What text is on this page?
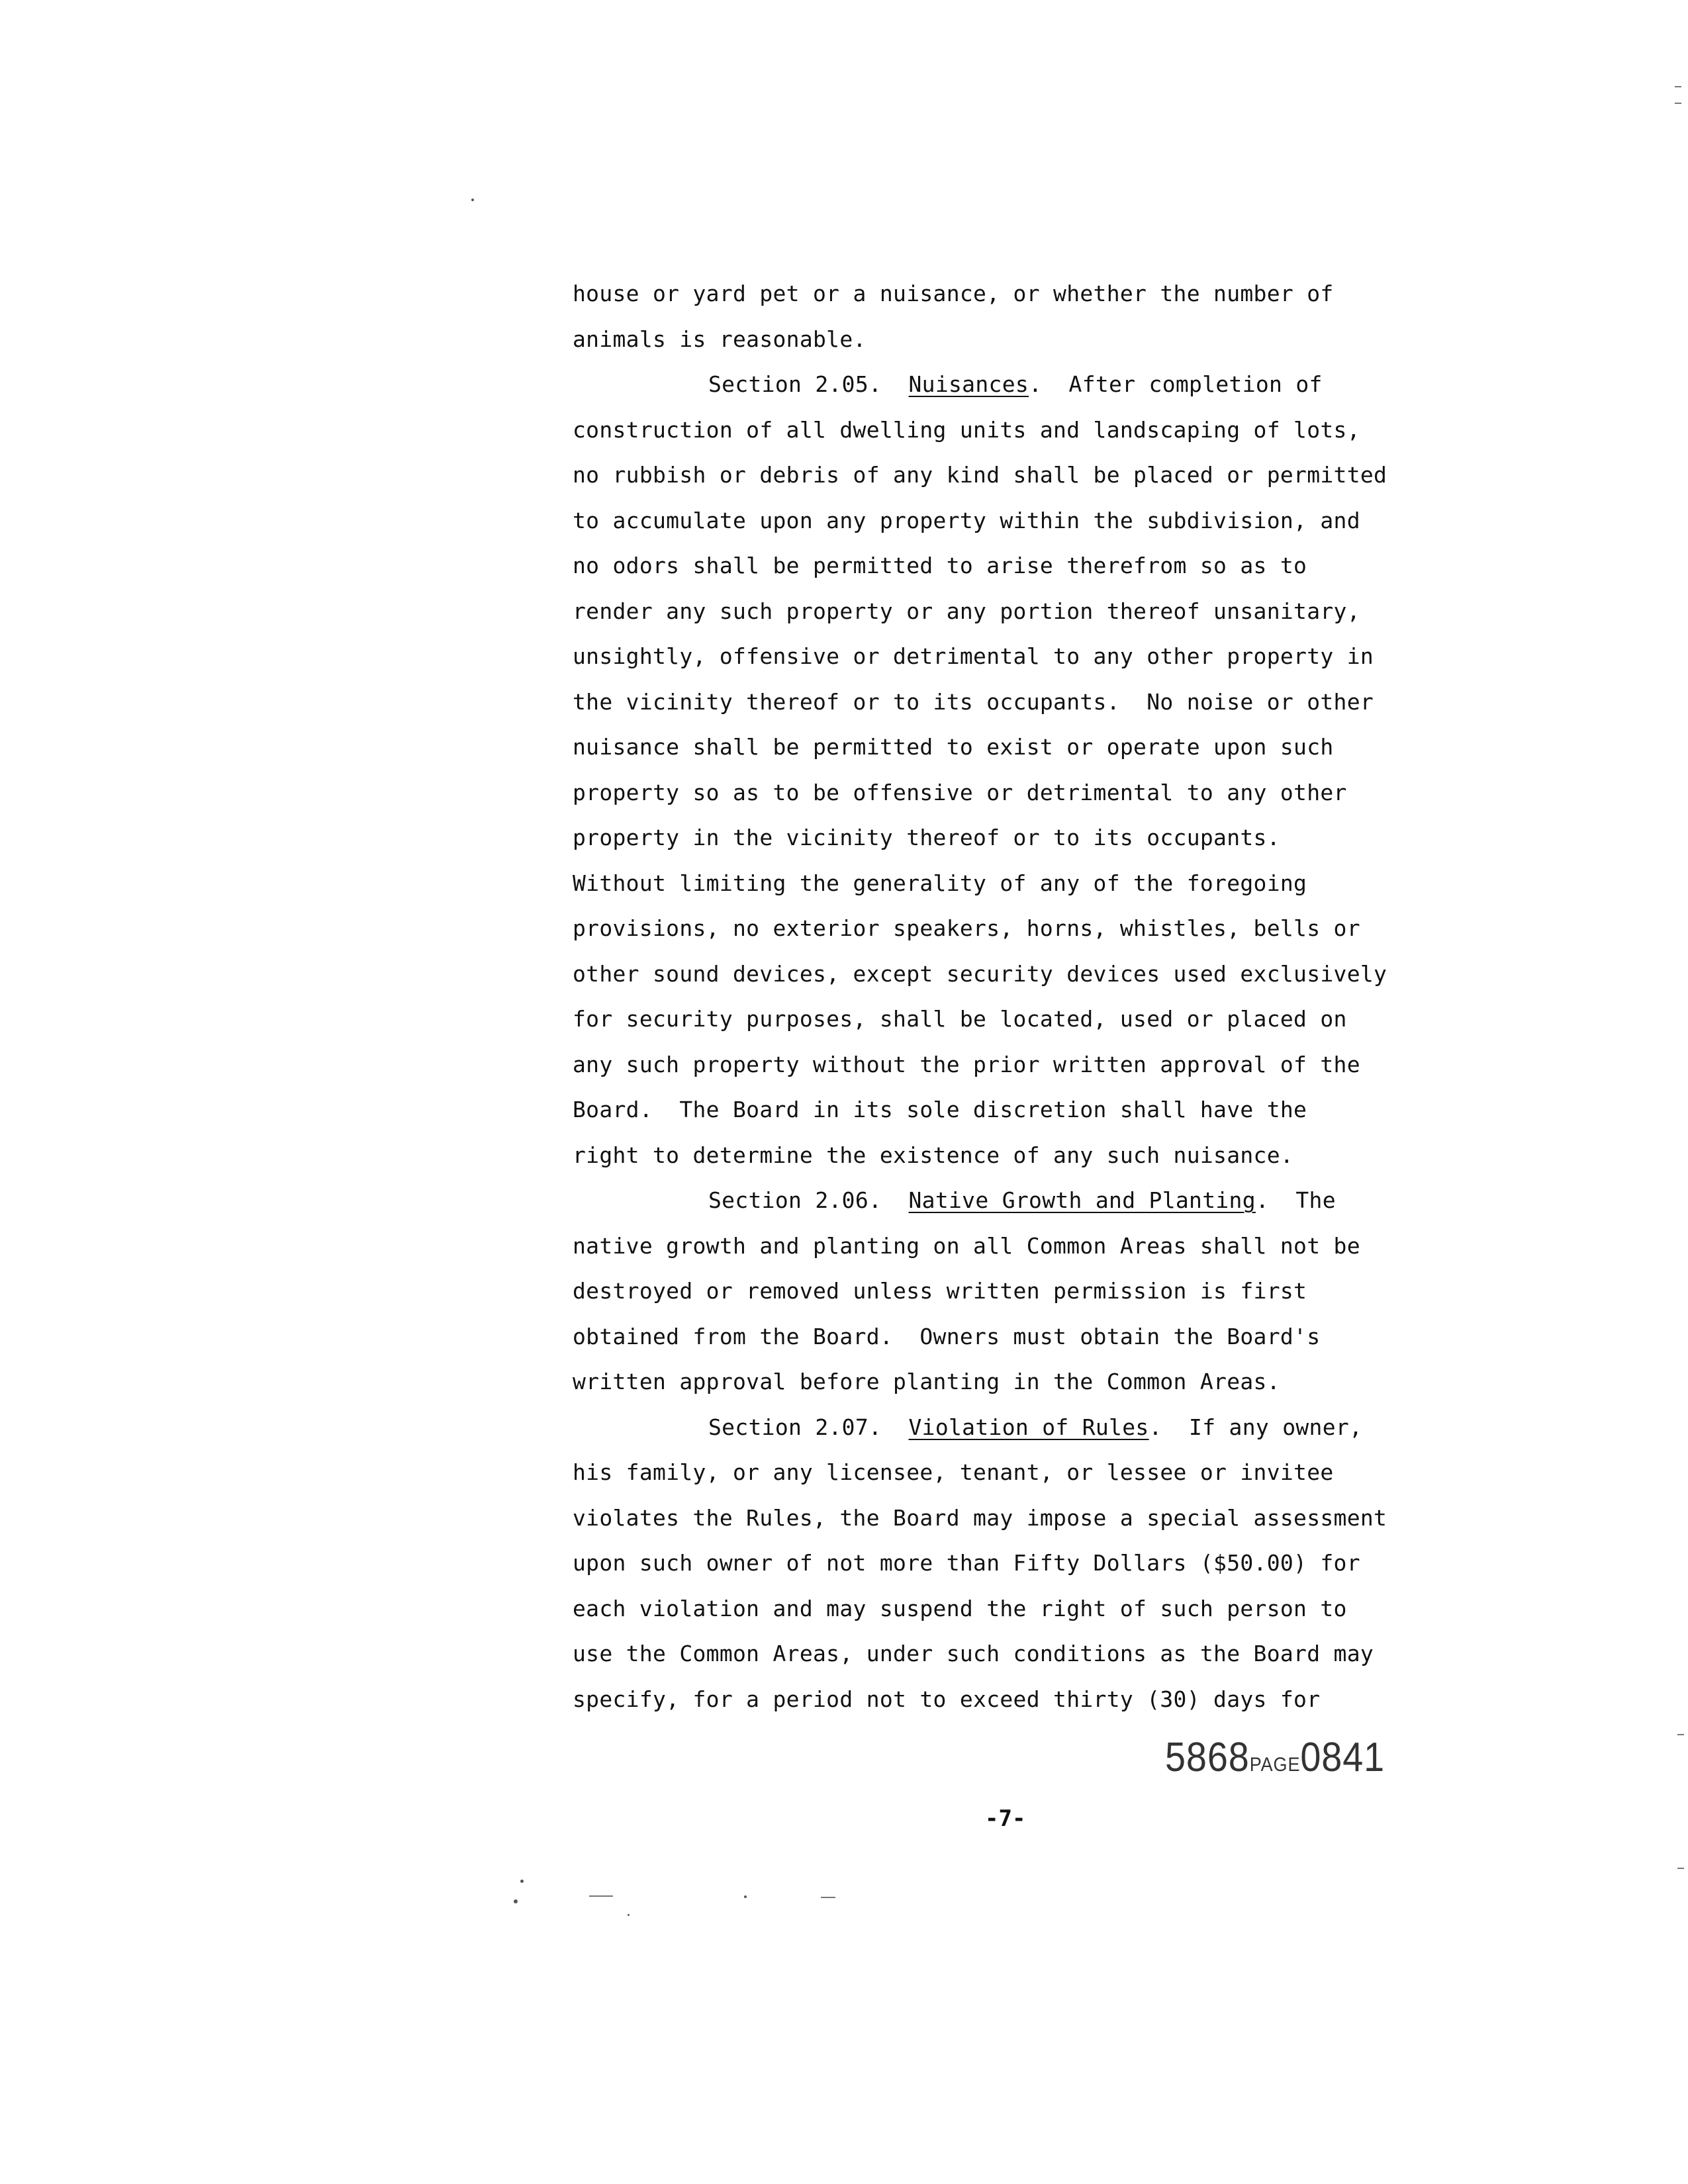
house or yard pet or a nuisance, or whether the number of
animals is reasonable.
Section 2.05.  Nuisances.  After completion of
construction of all dwelling units and landscaping of lots,
no rubbish or debris of any kind shall be placed or permitted
to accumulate upon any property within the subdivision, and
no odors shall be permitted to arise therefrom so as to
render any such property or any portion thereof unsanitary,
unsightly, offensive or detrimental to any other property in
the vicinity thereof or to its occupants.  No noise or other
nuisance shall be permitted to exist or operate upon such
property so as to be offensive or detrimental to any other
property in the vicinity thereof or to its occupants.
Without limiting the generality of any of the foregoing
provisions, no exterior speakers, horns, whistles, bells or
other sound devices, except security devices used exclusively
for security purposes, shall be located, used or placed on
any such property without the prior written approval of the
Board.  The Board in its sole discretion shall have the
right to determine the existence of any such nuisance.
Section 2.06.  Native Growth and Planting.  The
native growth and planting on all Common Areas shall not be
destroyed or removed unless written permission is first
obtained from the Board.  Owners must obtain the Board's
written approval before planting in the Common Areas.
Section 2.07.  Violation of Rules.  If any owner,
his family, or any licensee, tenant, or lessee or invitee
violates the Rules, the Board may impose a special assessment
upon such owner of not more than Fifty Dollars ($50.00) for
each violation and may suspend the right of such person to
use the Common Areas, under such conditions as the Board may
specify, for a period not to exceed thirty (30) days for
5868PAGE0841
-7-
